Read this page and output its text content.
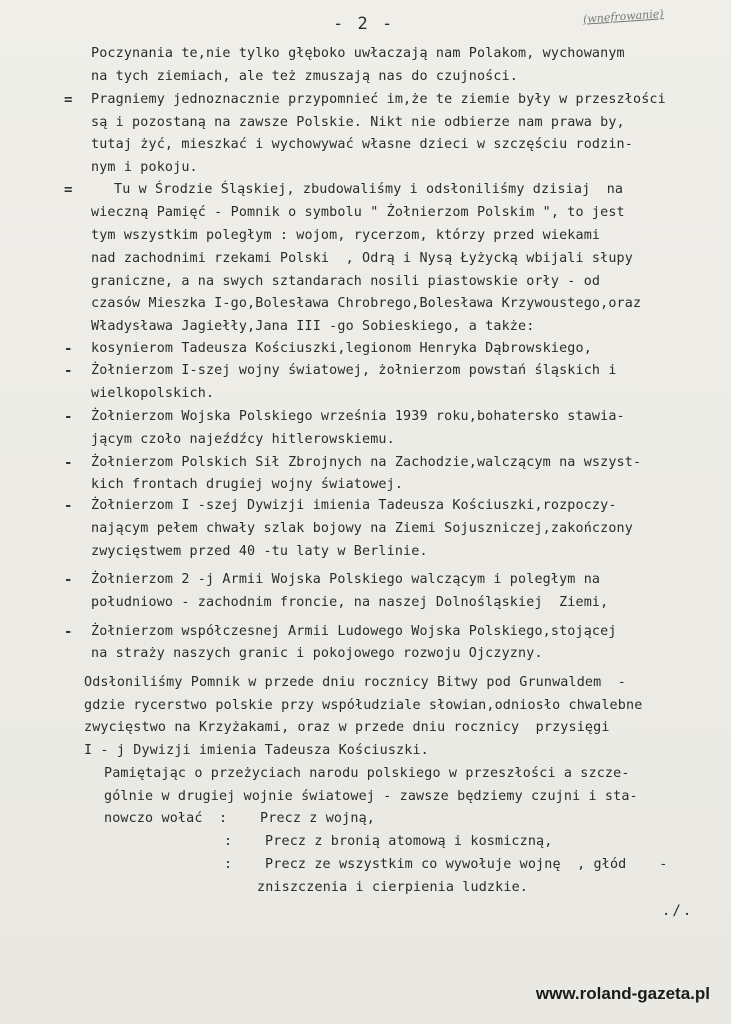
- 2 -	(wnefrowanie)
=
=
-
-
-
-
-
-
-
Poczynania te,nie tylko głęboko uwłaczają nam Polakom, wychowanym
na tych ziemiach, ale też zmuszają nas do czujności.
Pragniemy jednoznacznie przypomnieć im,że te ziemie były w przeszłości
są i pozostaną na zawsze Polskie. Nikt nie odbierze nam prawa by,
tutaj żyć, mieszkać i wychowywać własne dzieci w szczęściu rodzin-
nym i pokoju.
Tu w Środzie Śląskiej, zbudowaliśmy i odsłoniliśmy dzisiaj  na
wieczną Pamięć - Pomnik o symbolu " Żołnierzom Polskim ", to jest
tym wszystkim poległym : wojom, rycerzom, którzy przed wiekami
nad zachodnimi rzekami Polski  , Odrą i Nysą Łyżycką wbijali słupy
graniczne, a na swych sztandarach nosili piastowskie orły - od
czasów Mieszka I-go,Bolesława Chrobrego,Bolesława Krzywoustego,oraz
Władysława Jagiełły,Jana III -go Sobieskiego, a także:
kosynierom Tadeusza Kościuszki,legionom Henryka Dąbrowskiego,
Żołnierzom I-szej wojny światowej, żołnierzom powstań śląskich i
wielkopolskich.
Żołnierzom Wojska Polskiego września 1939 roku,bohatersko stawia-
jącym czoło najeźdźcy hitlerowskiemu.
Żołnierzom Polskich Sił Zbrojnych na Zachodzie,walczącym na wszyst-
kich frontach drugiej wojny światowej.
Żołnierzom I -szej Dywizji imienia Tadeusza Kościuszki,rozpoczy-
nającym pełem chwały szlak bojowy na Ziemi Sojuszniczej,zakończony
zwycięstwem przed 40 -tu laty w Berlinie.
Żołnierzom 2 -j Armii Wojska Polskiego walczącym i poległym na
południowo - zachodnim froncie, na naszej Dolnośląskiej  Ziemi,
Żołnierzom współczesnej Armii Ludowego Wojska Polskiego,stojącej
na straży naszych granic i pokojowego rozwoju Ojczyzny.
Odsłoniliśmy Pomnik w przede dniu rocznicy Bitwy pod Grunwaldem  -
gdzie rycerstwo polskie przy współudziale słowian,odniosło chwalebne
zwycięstwo na Krzyżakami, oraz w przede dniu rocznicy  przysięgi
I - j Dywizji imienia Tadeusza Kościuszki.
Pamiętając o przeżyciach narodu polskiego w przeszłości a szcze-
gólnie w drugiej wojnie światowej - zawsze będziemy czujni i sta-
nowczo wołać  :    Precz z wojną,
:    Precz z bronią atomową i kosmiczną,
:    Precz ze wszystkim co wywołuje wojnę  , głód    -
zniszczenia i cierpienia ludzkie.
./.
www.roland-gazeta.pl
